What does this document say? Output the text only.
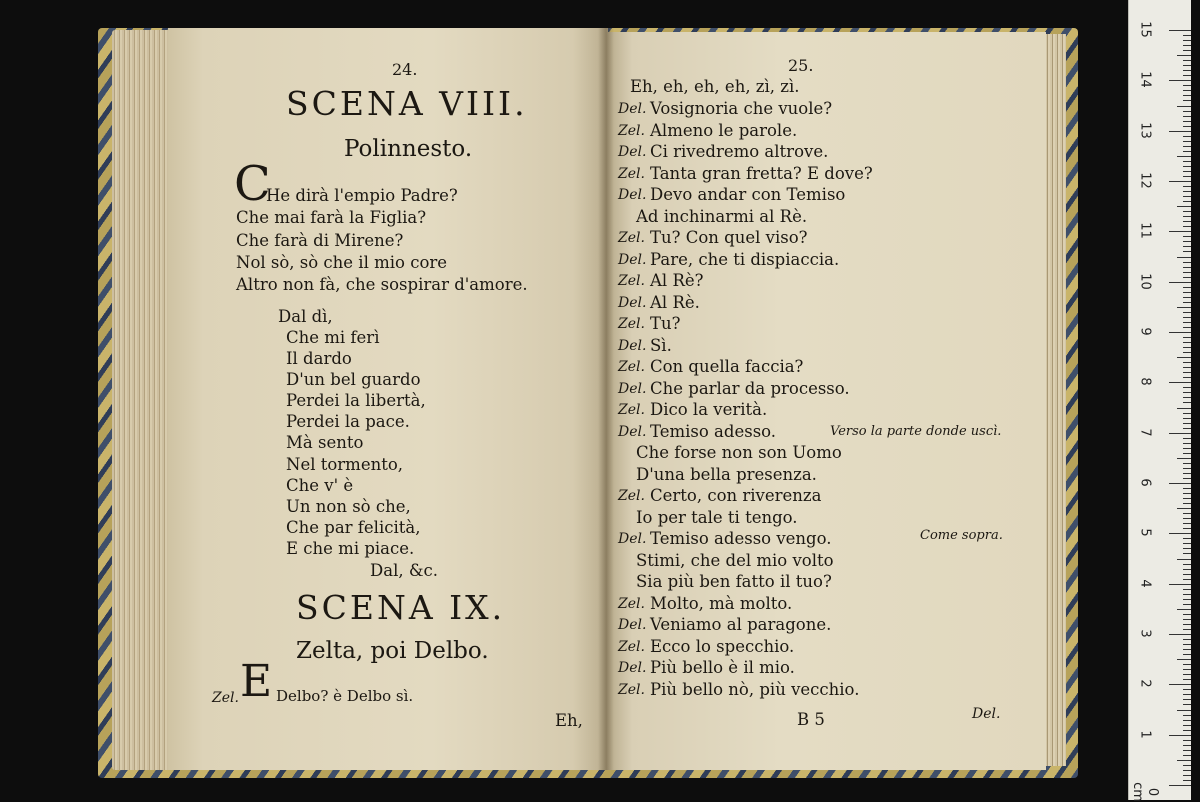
24.
SCENA VIII.
Polinnesto.
C
He dirà l'empio Padre?
Che mai farà la Figlia?
Che farà di Mirene?
Nol sò, sò che il mio core
Altro non fà, che sospirar d'amore.
Dal dì,
Che mi ferì
Il dardo
D'un bel guardo
Perdei la libertà,
Perdei la pace.
Mà sento
Nel tormento,
Che v' è
Un non sò che,
Che par felicità,
E che mi piace.
Dal, &c.
SCENA IX.
Zelta, poi Delbo.
Zel. E Delbo? è Delbo sì.
Eh,
25.
Eh, eh, eh, eh, zì, zì.
Del. Vosignoria che vuole?
Zel. Almeno le parole.
Del. Ci rivedremo altrove.
Zel. Tanta gran fretta? E dove?
Del. Devo andar con Temiso
Ad inchinarmi al Rè.
Zel. Tu? Con quel viso?
Del. Pare, che ti dispiaccia.
Zel. Al Rè?
Del. Al Rè.
Zel. Tu?
Del. Sì.
Zel. Con quella faccia?
Del. Che parlar da processo.
Zel. Dico la verità.
Del. Temiso adesso.
Che forse non son Uomo
D'una bella presenza.
Zel. Certo, con riverenza
Io per tale ti tengo.
Del. Temiso adesso vengo.
Stimi, che del mio volto
Sia più ben fatto il tuo?
Zel. Molto, mà molto.
Del. Veniamo al paragone.
Zel. Ecco lo specchio.
Del. Più bello è il mio.
Zel. Più bello nò, più vecchio.
Verso la parte donde uscì.
Come sopra.
B 5	Del.
15
14
13
12
11
10
9
8
7
6
5
4
3
2
1
0 cm
